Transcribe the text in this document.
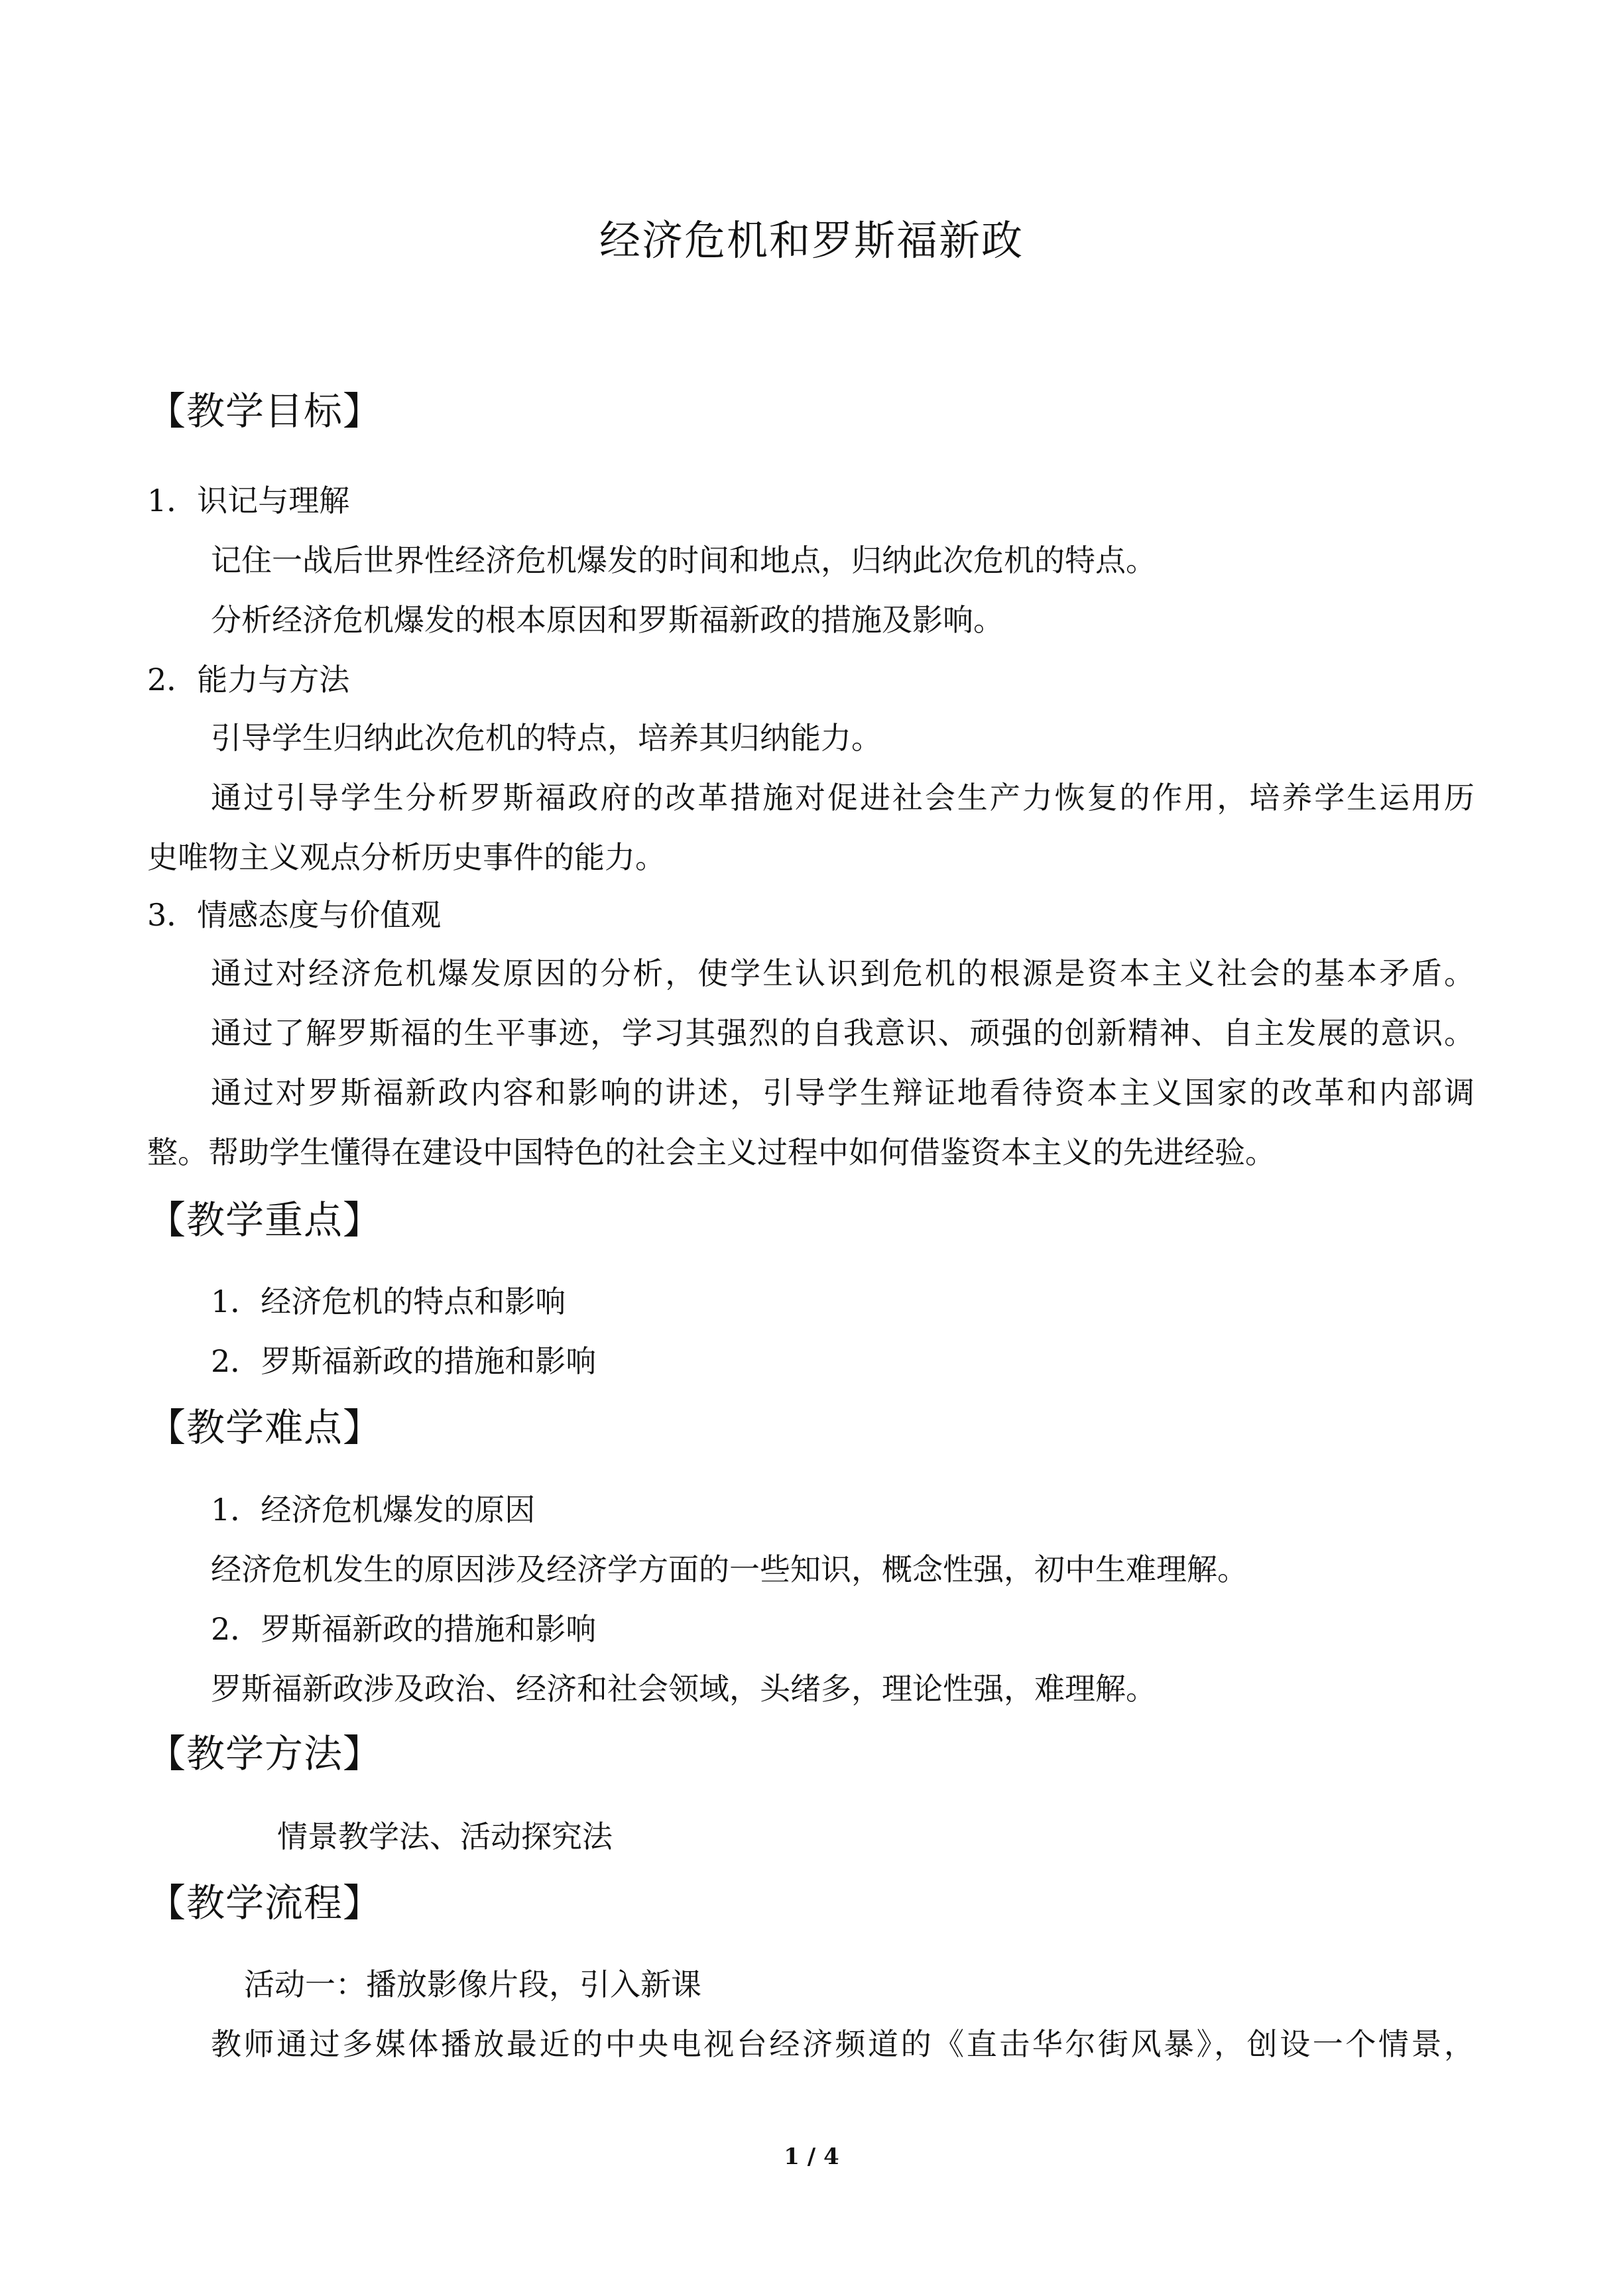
经济危机和罗斯福新政
【教学目标】
1．识记与理解
记住一战后世界性经济危机爆发的时间和地点，归纳此次危机的特点。
分析经济危机爆发的根本原因和罗斯福新政的措施及影响。
2．能力与方法
引导学生归纳此次危机的特点，培养其归纳能力。
通过引导学生分析罗斯福政府的改革措施对促进社会生产力恢复的作用，培养学生运用历
史唯物主义观点分析历史事件的能力。
3．情感态度与价值观
通过对经济危机爆发原因的分析，使学生认识到危机的根源是资本主义社会的基本矛盾。
通过了解罗斯福的生平事迹，学习其强烈的自我意识、顽强的创新精神、自主发展的意识。
通过对罗斯福新政内容和影响的讲述，引导学生辩证地看待资本主义国家的改革和内部调
整。帮助学生懂得在建设中国特色的社会主义过程中如何借鉴资本主义的先进经验。
【教学重点】
1．经济危机的特点和影响
2．罗斯福新政的措施和影响
【教学难点】
1．经济危机爆发的原因
经济危机发生的原因涉及经济学方面的一些知识，概念性强，初中生难理解。
2．罗斯福新政的措施和影响
罗斯福新政涉及政治、经济和社会领域，头绪多，理论性强，难理解。
【教学方法】
情景教学法、活动探究法
【教学流程】
活动一：播放影像片段，引入新课
教师通过多媒体播放最近的中央电视台经济频道的《直击华尔街风暴》，创设一个情景，
1 / 4
